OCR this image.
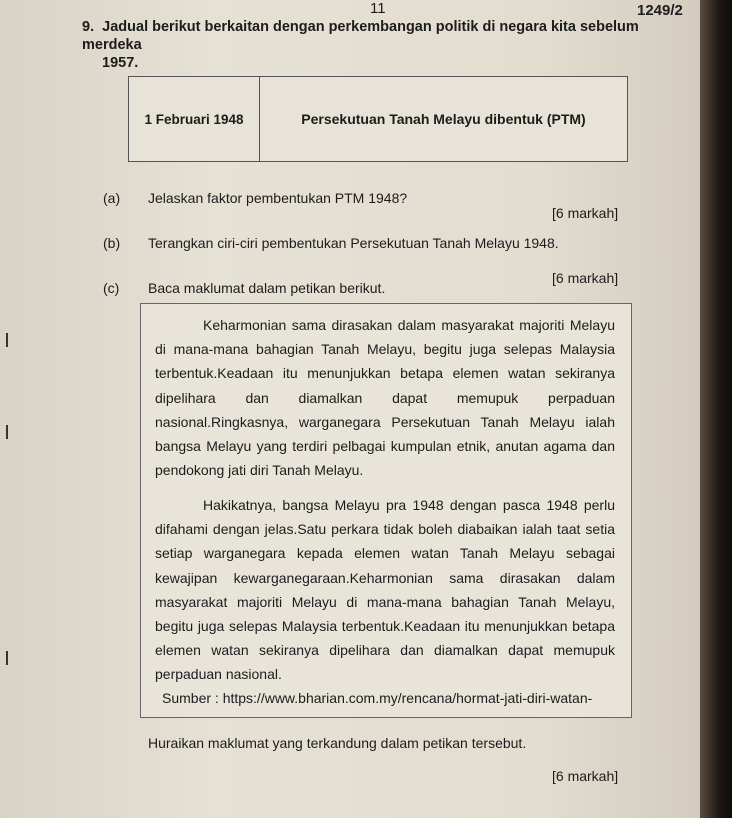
11	1249/2
9. Jadual berikut berkaitan dengan perkembangan politik di negara kita sebelum merdeka
1957.
1 Februari 1948	Persekutuan Tanah Melayu dibentuk (PTM)
(a) Jelaskan faktor pembentukan PTM 1948?
[6 markah]
(b) Terangkan ciri-ciri pembentukan Persekutuan Tanah Melayu 1948.
[6 markah]
(c) Baca maklumat dalam petikan berikut.
Keharmonian sama dirasakan dalam masyarakat majoriti Melayu di mana-mana bahagian Tanah Melayu, begitu juga selepas Malaysia terbentuk.Keadaan itu menunjukkan betapa elemen watan sekiranya dipelihara dan diamalkan dapat memupuk perpaduan nasional.Ringkasnya, warganegara Persekutuan Tanah Melayu ialah bangsa Melayu yang terdiri pelbagai kumpulan etnik, anutan agama dan pendokong jati diri Tanah Melayu.
Hakikatnya, bangsa Melayu pra 1948 dengan pasca 1948 perlu difahami dengan jelas.Satu perkara tidak boleh diabaikan ialah taat setia setiap warganegara kepada elemen watan Tanah Melayu sebagai kewajipan kewarganegaraan.Keharmonian sama dirasakan dalam masyarakat majoriti Melayu di mana-mana bahagian Tanah Melayu, begitu juga selepas Malaysia terbentuk.Keadaan itu menunjukkan betapa elemen watan sekiranya dipelihara dan diamalkan dapat memupuk perpaduan nasional.
Sumber : https://www.bharian.com.my/rencana/hormat-jati-diri-watan-
Huraikan maklumat yang terkandung dalam petikan tersebut.
[6 markah]
